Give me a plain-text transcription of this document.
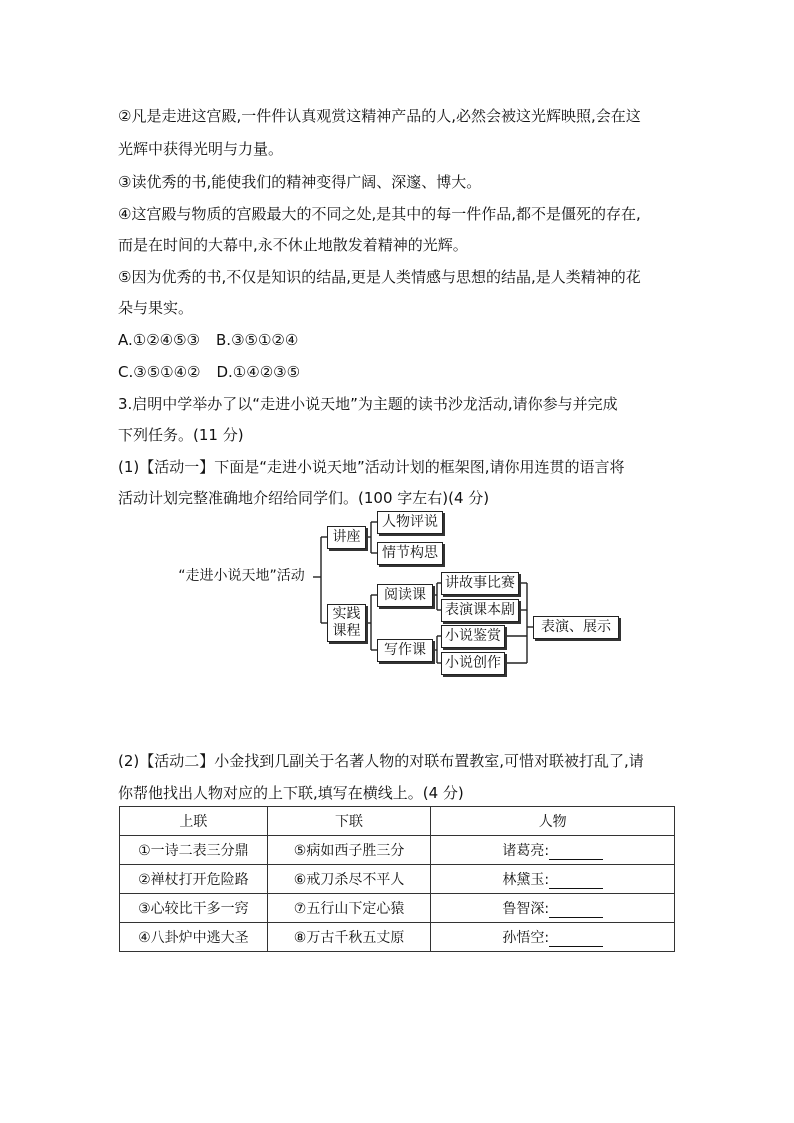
②凡是走进这宫殿,一件件认真观赏这精神产品的人,必然会被这光辉映照,会在这
光辉中获得光明与力量。
③读优秀的书,能使我们的精神变得广阔、深邃、博大。
④这宫殿与物质的宫殿最大的不同之处,是其中的每一件作品,都不是僵死的存在,
而是在时间的大幕中,永不休止地散发着精神的光辉。
⑤因为优秀的书,不仅是知识的结晶,更是人类情感与思想的结晶,是人类精神的花
朵与果实。
A.①②④⑤③ B.③⑤①②④
C.③⑤①④② D.①④②③⑤
3.启明中学举办了以“走进小说天地”为主题的读书沙龙活动,请你参与并完成
下列任务。(11 分)
(1)【活动一】下面是“走进小说天地”活动计划的框架图,请你用连贯的语言将
活动计划完整准确地介绍给同学们。(100 字左右)(4 分)
“走进小说天地”活动
讲座
人物评说
情节构思
实践
课程
阅读课
讲故事比赛
表演课本剧
写作课
小说鉴赏
小说创作
表演、展示
(2)【活动二】小金找到几副关于名著人物的对联布置教室,可惜对联被打乱了,请
你帮他找出人物对应的上下联,填写在横线上。(4 分)
上联	下联	人物
①一诗二表三分鼎	⑤病如西子胜三分	诸葛亮:
②禅杖打开危险路	⑥戒刀杀尽不平人	林黛玉:
③心较比干多一窍	⑦五行山下定心猿	鲁智深:
④八卦炉中逃大圣	⑧万古千秋五丈原	孙悟空:
